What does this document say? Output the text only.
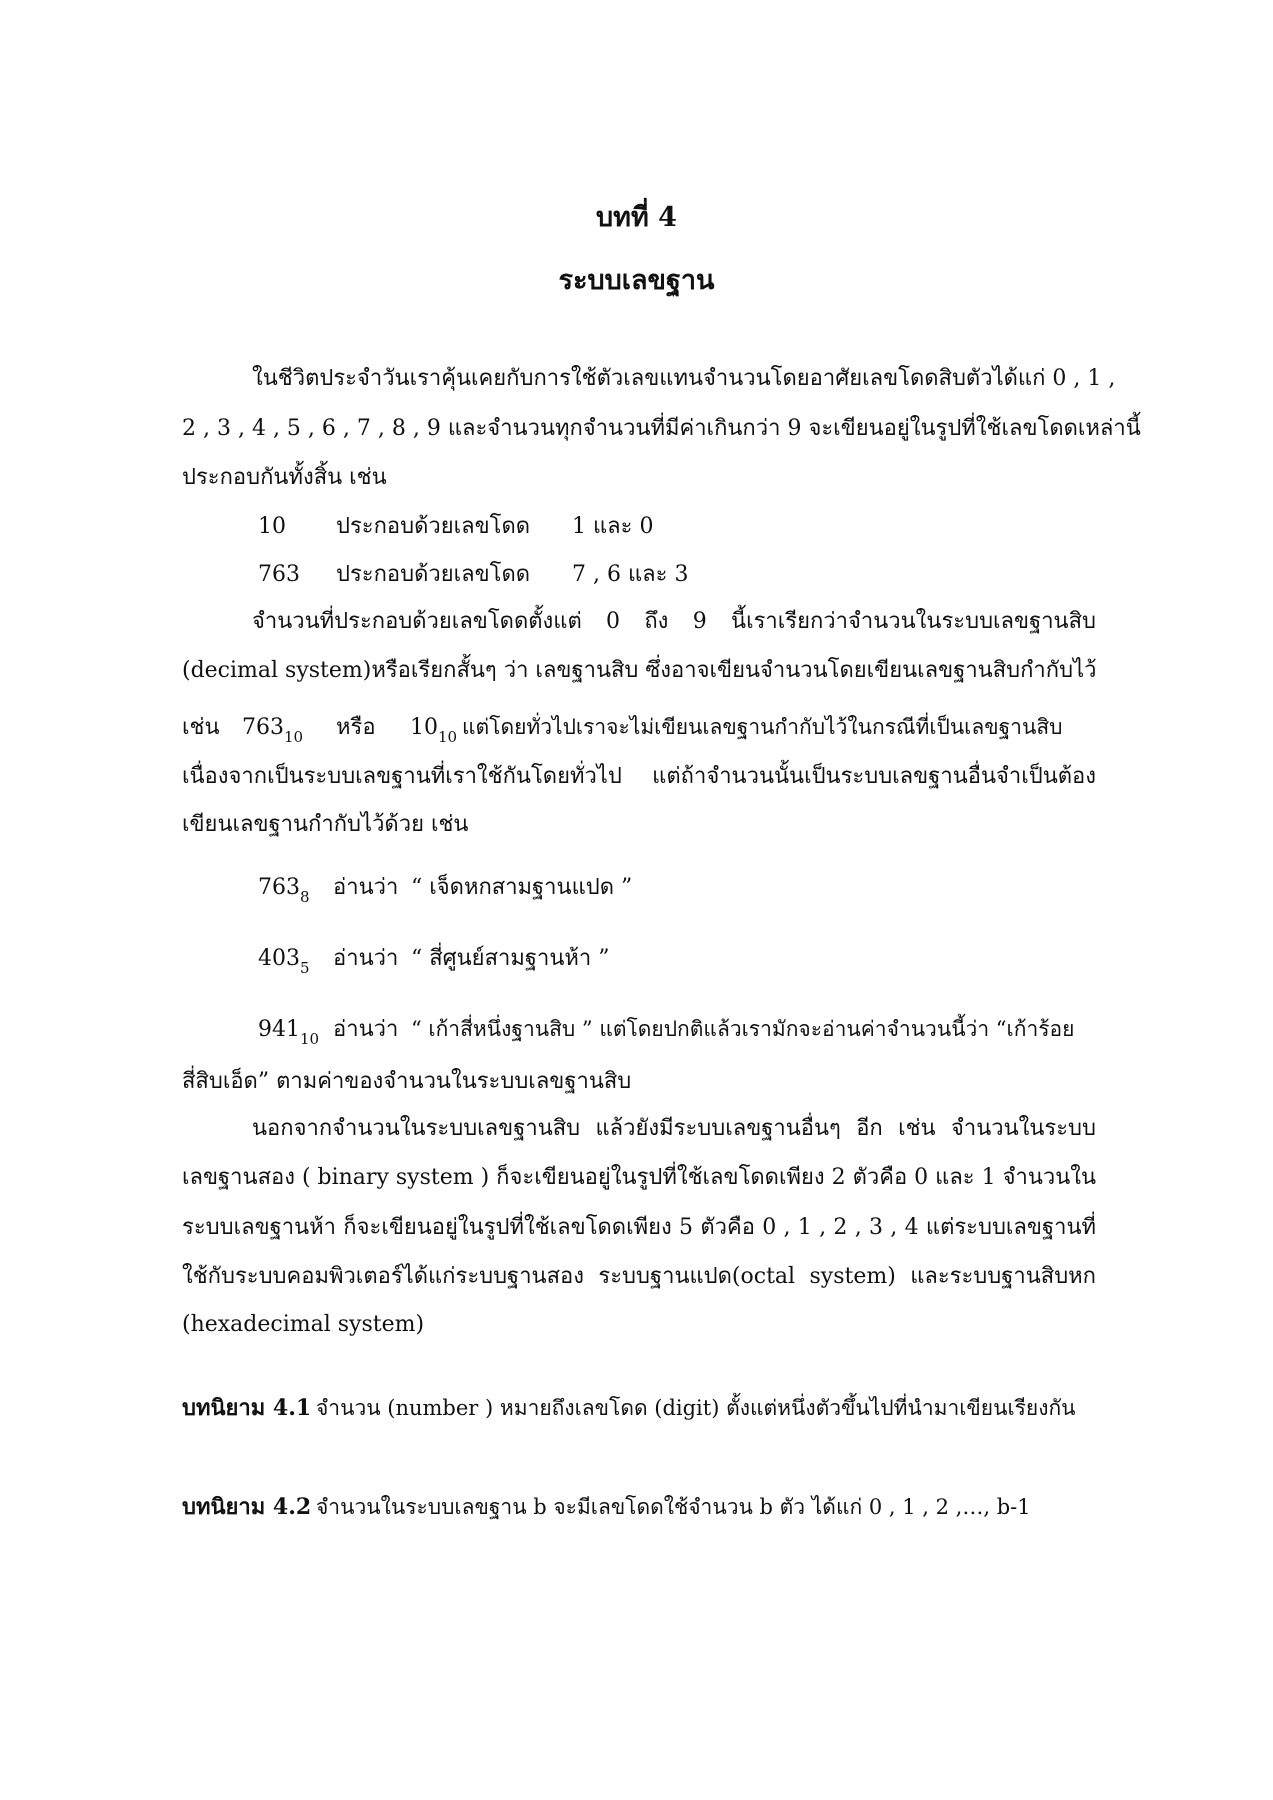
บทที่ 4
ระบบเลขฐาน
ในชีวิตประจำวันเราคุ้นเคยกับการใช้ตัวเลขแทนจำนวนโดยอาศัยเลขโดดสิบตัวได้แก่ 0 , 1 ,
2 , 3 , 4 , 5 , 6 , 7 , 8 , 9 และจำนวนทุกจำนวนที่มีค่าเกินกว่า 9 จะเขียนอยู่ในรูปที่ใช้เลขโดดเหล่านี้
ประกอบกันทั้งสิ้น เช่น
10 ประกอบด้วยเลขโดด 1 และ 0
763 ประกอบด้วยเลขโดด 7 , 6 และ 3
จำนวนที่ประกอบด้วยเลขโดดตั้งแต่ 0 ถึง 9 นี้เราเรียกว่าจำนวนในระบบเลขฐานสิบ
(decimal system)หรือเรียกสั้นๆ ว่า เลขฐานสิบ ซึ่งอาจเขียนจำนวนโดยเขียนเลขฐานสิบกำกับไว้
เช่น $763_{10}$ หรือ $10_{10}$ แต่โดยทั่วไปเราจะไม่เขียนเลขฐานกำกับไว้ในกรณีที่เป็นเลขฐานสิบ
เนื่องจากเป็นระบบเลขฐานที่เราใช้กันโดยทั่วไป แต่ถ้าจำนวนนั้นเป็นระบบเลขฐานอื่นจำเป็นต้อง
เขียนเลขฐานกำกับไว้ด้วย เช่น
$763_8$ อ่านว่า “ เจ็ดหกสามฐานแปด ”
$403_5$ อ่านว่า “ สี่ศูนย์สามฐานห้า ”
$941_{10}$ อ่านว่า “ เก้าสี่หนึ่งฐานสิบ ” แต่โดยปกติแล้วเรามักจะอ่านค่าจำนวนนี้ว่า “เก้าร้อย
สี่สิบเอ็ด” ตามค่าของจำนวนในระบบเลขฐานสิบ
นอกจากจำนวนในระบบเลขฐานสิบ แล้วยังมีระบบเลขฐานอื่นๆ อีก เช่น จำนวนในระบบ
เลขฐานสอง ( binary system ) ก็จะเขียนอยู่ในรูปที่ใช้เลขโดดเพียง 2 ตัวคือ 0 และ 1 จำนวนใน
ระบบเลขฐานห้า ก็จะเขียนอยู่ในรูปที่ใช้เลขโดดเพียง 5 ตัวคือ 0 , 1 , 2 , 3 , 4 แต่ระบบเลขฐานที่
ใช้กับระบบคอมพิวเตอร์ได้แก่ระบบฐานสอง ระบบฐานแปด(octal system) และระบบฐานสิบหก
(hexadecimal system)
บทนิยาม 4.1 จำนวน (number ) หมายถึงเลขโดด (digit) ตั้งแต่หนึ่งตัวขึ้นไปที่นำมาเขียนเรียงกัน
บทนิยาม 4.2 จำนวนในระบบเลขฐาน b จะมีเลขโดดใช้จำนวน b ตัว ได้แก่ 0 , 1 , 2 ,…, b-1
